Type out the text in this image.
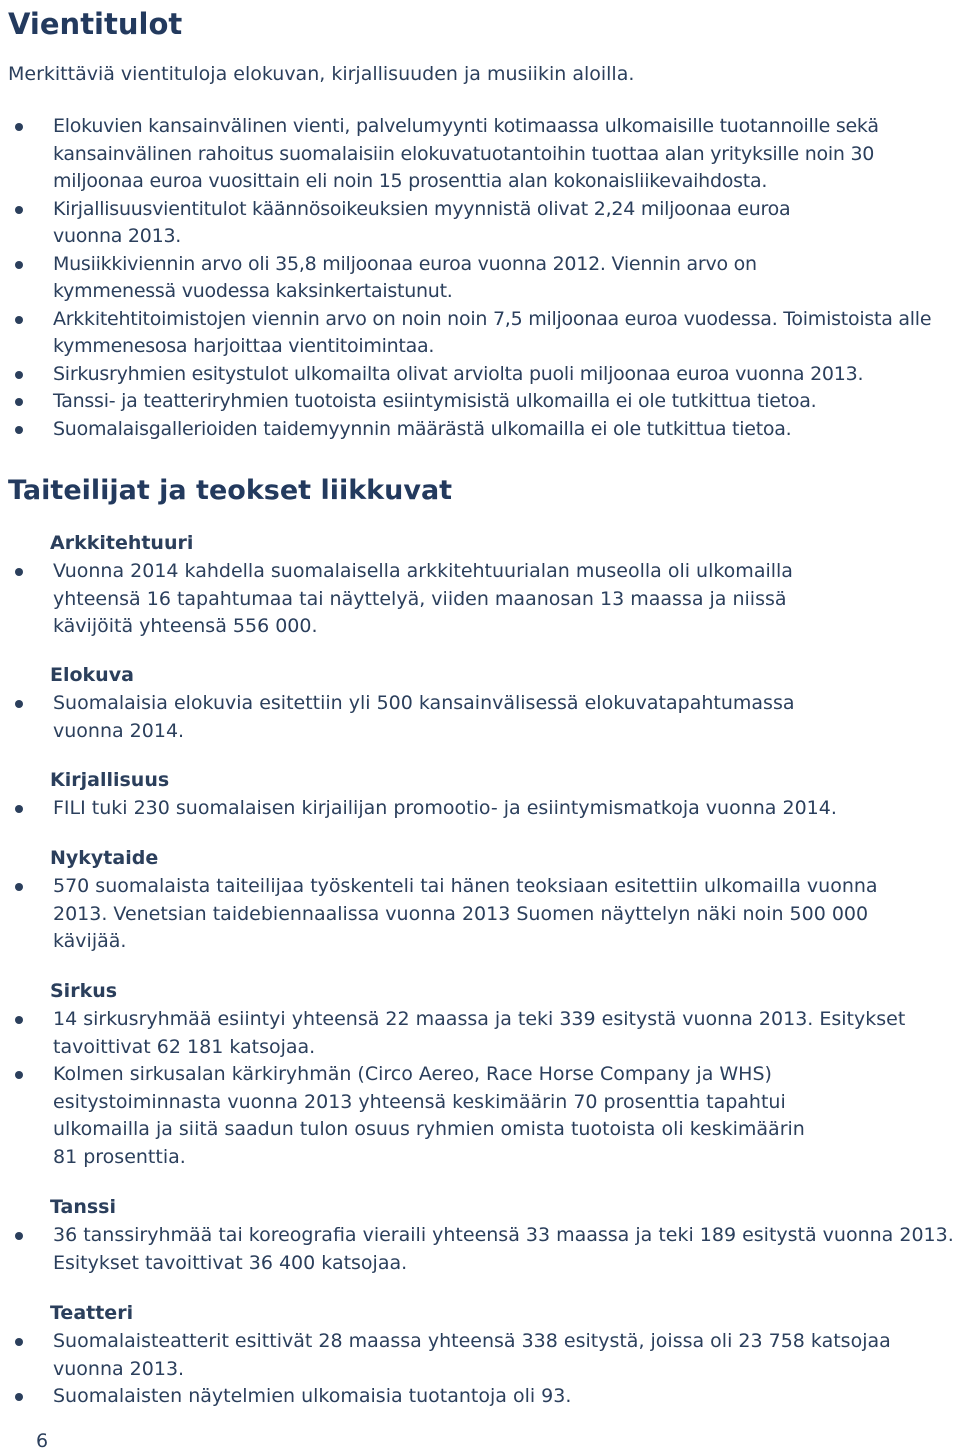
Vientitulot

Merkittäviä vientituloja elokuvan, kirjallisuuden ja musiikin aloilla.

Elokuvien kansainvälinen vienti, palvelumyynti kotimaassa ulkomaisille tuotannoille sekä kansainvälinen rahoitus suomalaisiin elokuvatuotantoihin tuottaa alan yrityksille noin 30 miljoonaa euroa vuosittain eli noin 15 prosenttia alan kokonaisliikevaihdosta.
Kirjallisuusvientitulot käännösoikeuksien myynnistä olivat 2,24 miljoonaa euroa vuonna 2013.
Musiikkiviennin arvo oli 35,8 miljoonaa euroa vuonna 2012. Viennin arvo on kymmenessä vuodessa kaksinkertaistunut.
Arkkitehtitoimistojen viennin arvo on noin noin 7,5 miljoonaa euroa vuodessa. Toimistoista alle kymmenesosa harjoittaa vientitoimintaa.
Sirkusryhmien esitystulot ulkomailta olivat arviolta puoli miljoonaa euroa vuonna 2013.
Tanssi- ja teatteriryhmien tuotoista esiintymisistä ulkomailla ei ole tutkittua tietoa.
Suomalaisgallerioiden taidemyynnin määrästä ulkomailla ei ole tutkittua tietoa.
Taiteilijat ja teokset liikkuvat
Arkkitehtuuri
Vuonna 2014 kahdella suomalaisella arkkitehtuurialan museolla oli ulkomailla yhteensä 16 tapahtumaa tai näyttelyä, viiden maanosan 13 maassa ja niissä kävijöitä yhteensä 556 000.
Elokuva
Suomalaisia elokuvia esitettiin yli 500 kansainvälisessä elokuvatapahtumassa vuonna 2014.
Kirjallisuus
FILI tuki 230 suomalaisen kirjailijan promootio- ja esiintymismatkoja vuonna 2014.
Nykytaide
570 suomalaista taiteilijaa työskenteli tai hänen teoksiaan esitettiin ulkomailla vuonna 2013. Venetsian taidebiennaalissa vuonna 2013 Suomen näyttelyn näki noin 500 000 kävijää.
Sirkus
14 sirkusryhmää esiintyi yhteensä 22 maassa ja teki 339 esitystä vuonna 2013. Esitykset tavoittivat 62 181 katsojaa.
Kolmen sirkusalan kärkiryhmän (Circo Aereo, Race Horse Company ja WHS) esitystoiminnasta vuonna 2013 yhteensä keskimäärin 70 prosenttia tapahtui ulkomailla ja siitä saadun tulon osuus ryhmien omista tuotoista oli keskimäärin 81 prosenttia.
Tanssi
36 tanssiryhmää tai koreografia vieraili yhteensä 33 maassa ja teki 189 esitystä vuonna 2013. Esitykset tavoittivat 36 400 katsojaa.
Teatteri
Suomalaisteatterit esittivät 28 maassa yhteensä 338 esitystä, joissa oli 23 758 katsojaa vuonna 2013.
Suomalaisten näytelmien ulkomaisia tuotantoja oli 93.
6
